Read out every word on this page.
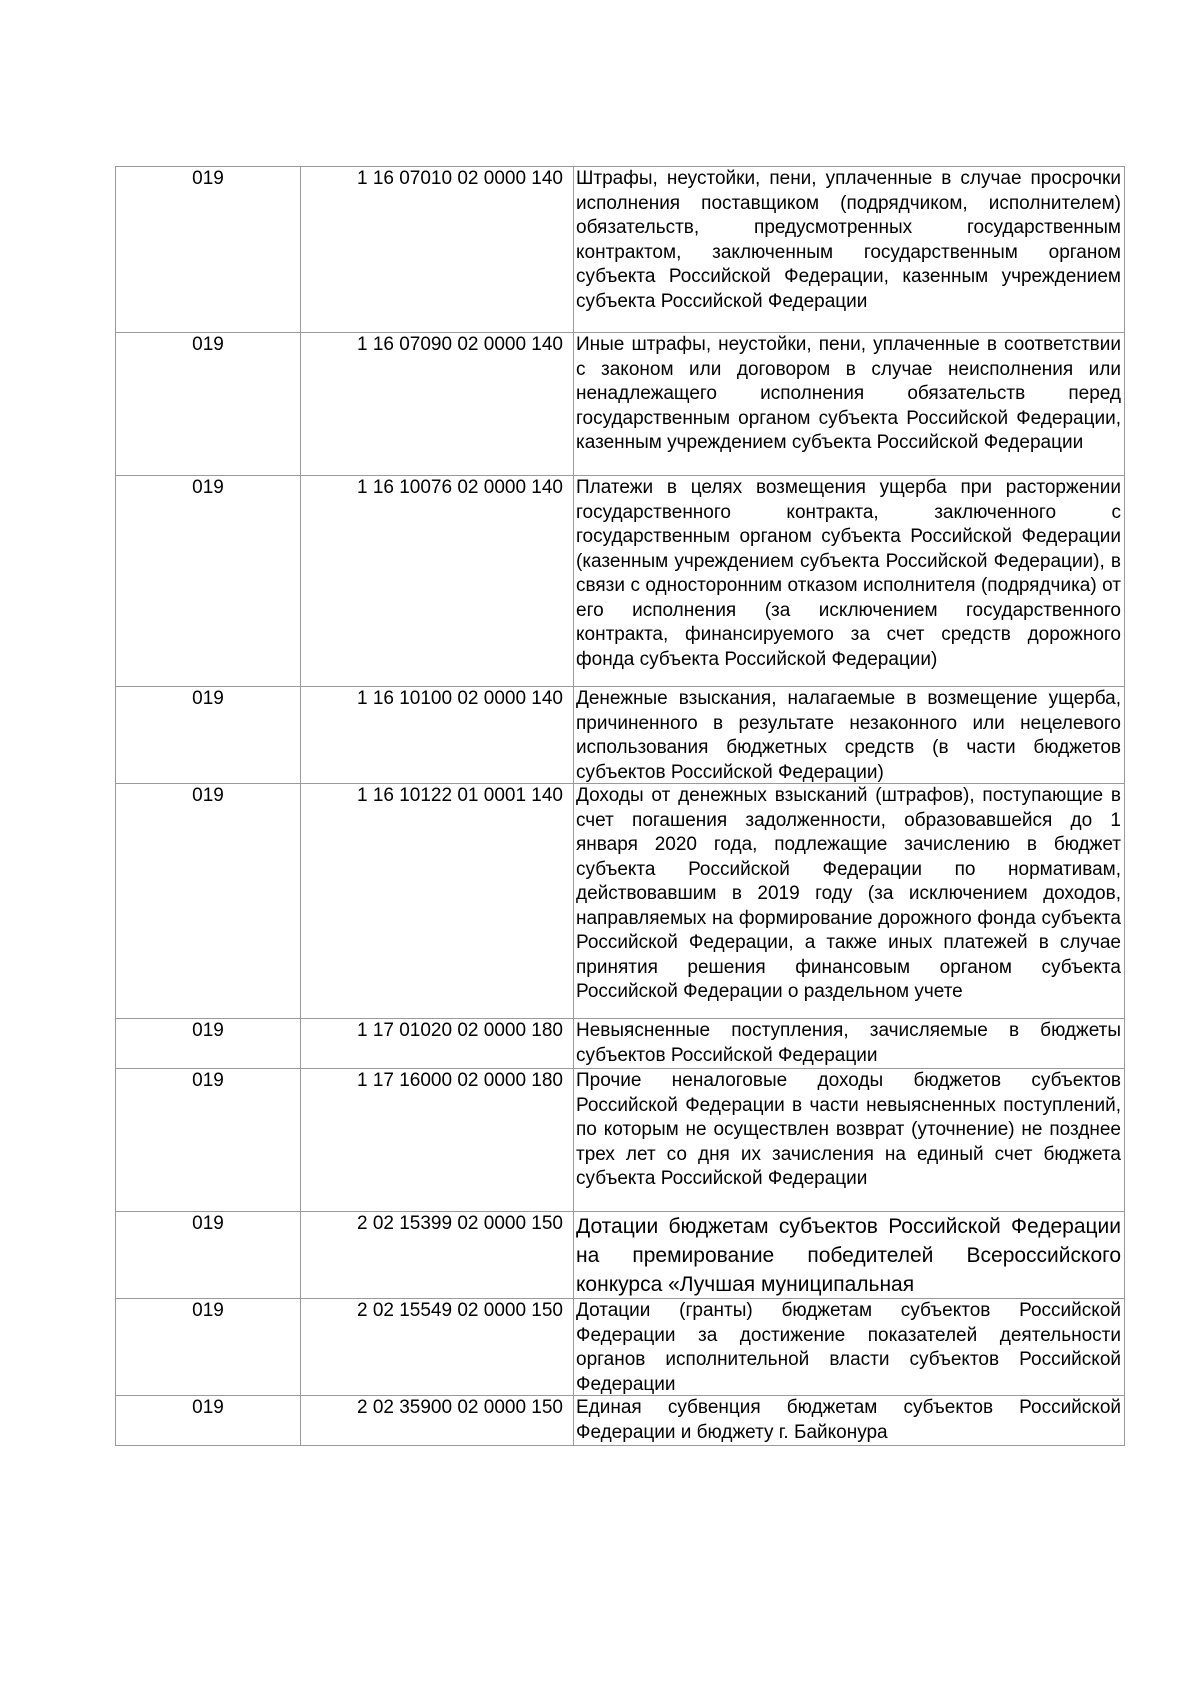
019	1 16 07010 02 0000 140	Штрафы, неустойки, пени, уплаченные в случае просрочки исполнения поставщиком (подрядчиком, исполнителем) обязательств, предусмотренных государственным контрактом, заключенным государственным органом субъекта Российской Федерации, казенным учреждением субъекта Российской Федерации

019	1 16 07090 02 0000 140	Иные штрафы, неустойки, пени, уплаченные в соответствии с законом или договором в случае неисполнения или ненадлежащего исполнения обязательств перед государственным органом субъекта Российской Федерации, казенным учреждением субъекта Российской Федерации

019	1 16 10076 02 0000 140	Платежи в целях возмещения ущерба при расторжении государственного контракта, заключенного с государственным органом субъекта Российской Федерации (казенным учреждением субъекта Российской Федерации), в связи с односторонним отказом исполнителя (подрядчика) от его исполнения (за исключением государственного контракта, финансируемого за счет средств дорожного фонда субъекта Российской Федерации)

019	1 16 10100 02 0000 140	Денежные взыскания, налагаемые в возмещение ущерба, причиненного в результате незаконного или нецелевого использования бюджетных средств (в части бюджетов субъектов Российской Федерации)

019	1 16 10122 01 0001 140	Доходы от денежных взысканий (штрафов), поступающие в счет погашения задолженности, образовавшейся до 1 января 2020 года, подлежащие зачислению в бюджет субъекта Российской Федерации по нормативам, действовавшим в 2019 году (за исключением доходов, направляемых на формирование дорожного фонда субъекта Российской Федерации, а также иных платежей в случае принятия решения финансовым органом субъекта Российской Федерации о раздельном учете

019	1 17 01020 02 0000 180	Невыясненные поступления, зачисляемые в бюджеты субъектов Российской Федерации

019	1 17 16000 02 0000 180	Прочие неналоговые доходы бюджетов субъектов Российской Федерации в части невыясненных поступлений, по которым не осуществлен возврат (уточнение) не позднее трех лет со дня их зачисления на единый счет бюджета субъекта Российской Федерации

019	2 02 15399 02 0000 150	Дотации бюджетам субъектов Российской Федерации на премирование победителей Всероссийского конкурса «Лучшая муниципальная

019	2 02 15549 02 0000 150	Дотации (гранты) бюджетам субъектов Российской Федерации за достижение показателей деятельности органов исполнительной власти субъектов Российской Федерации

019	2 02 35900 02 0000 150	Единая субвенция бюджетам субъектов Российской Федерации и бюджету г. Байконура
